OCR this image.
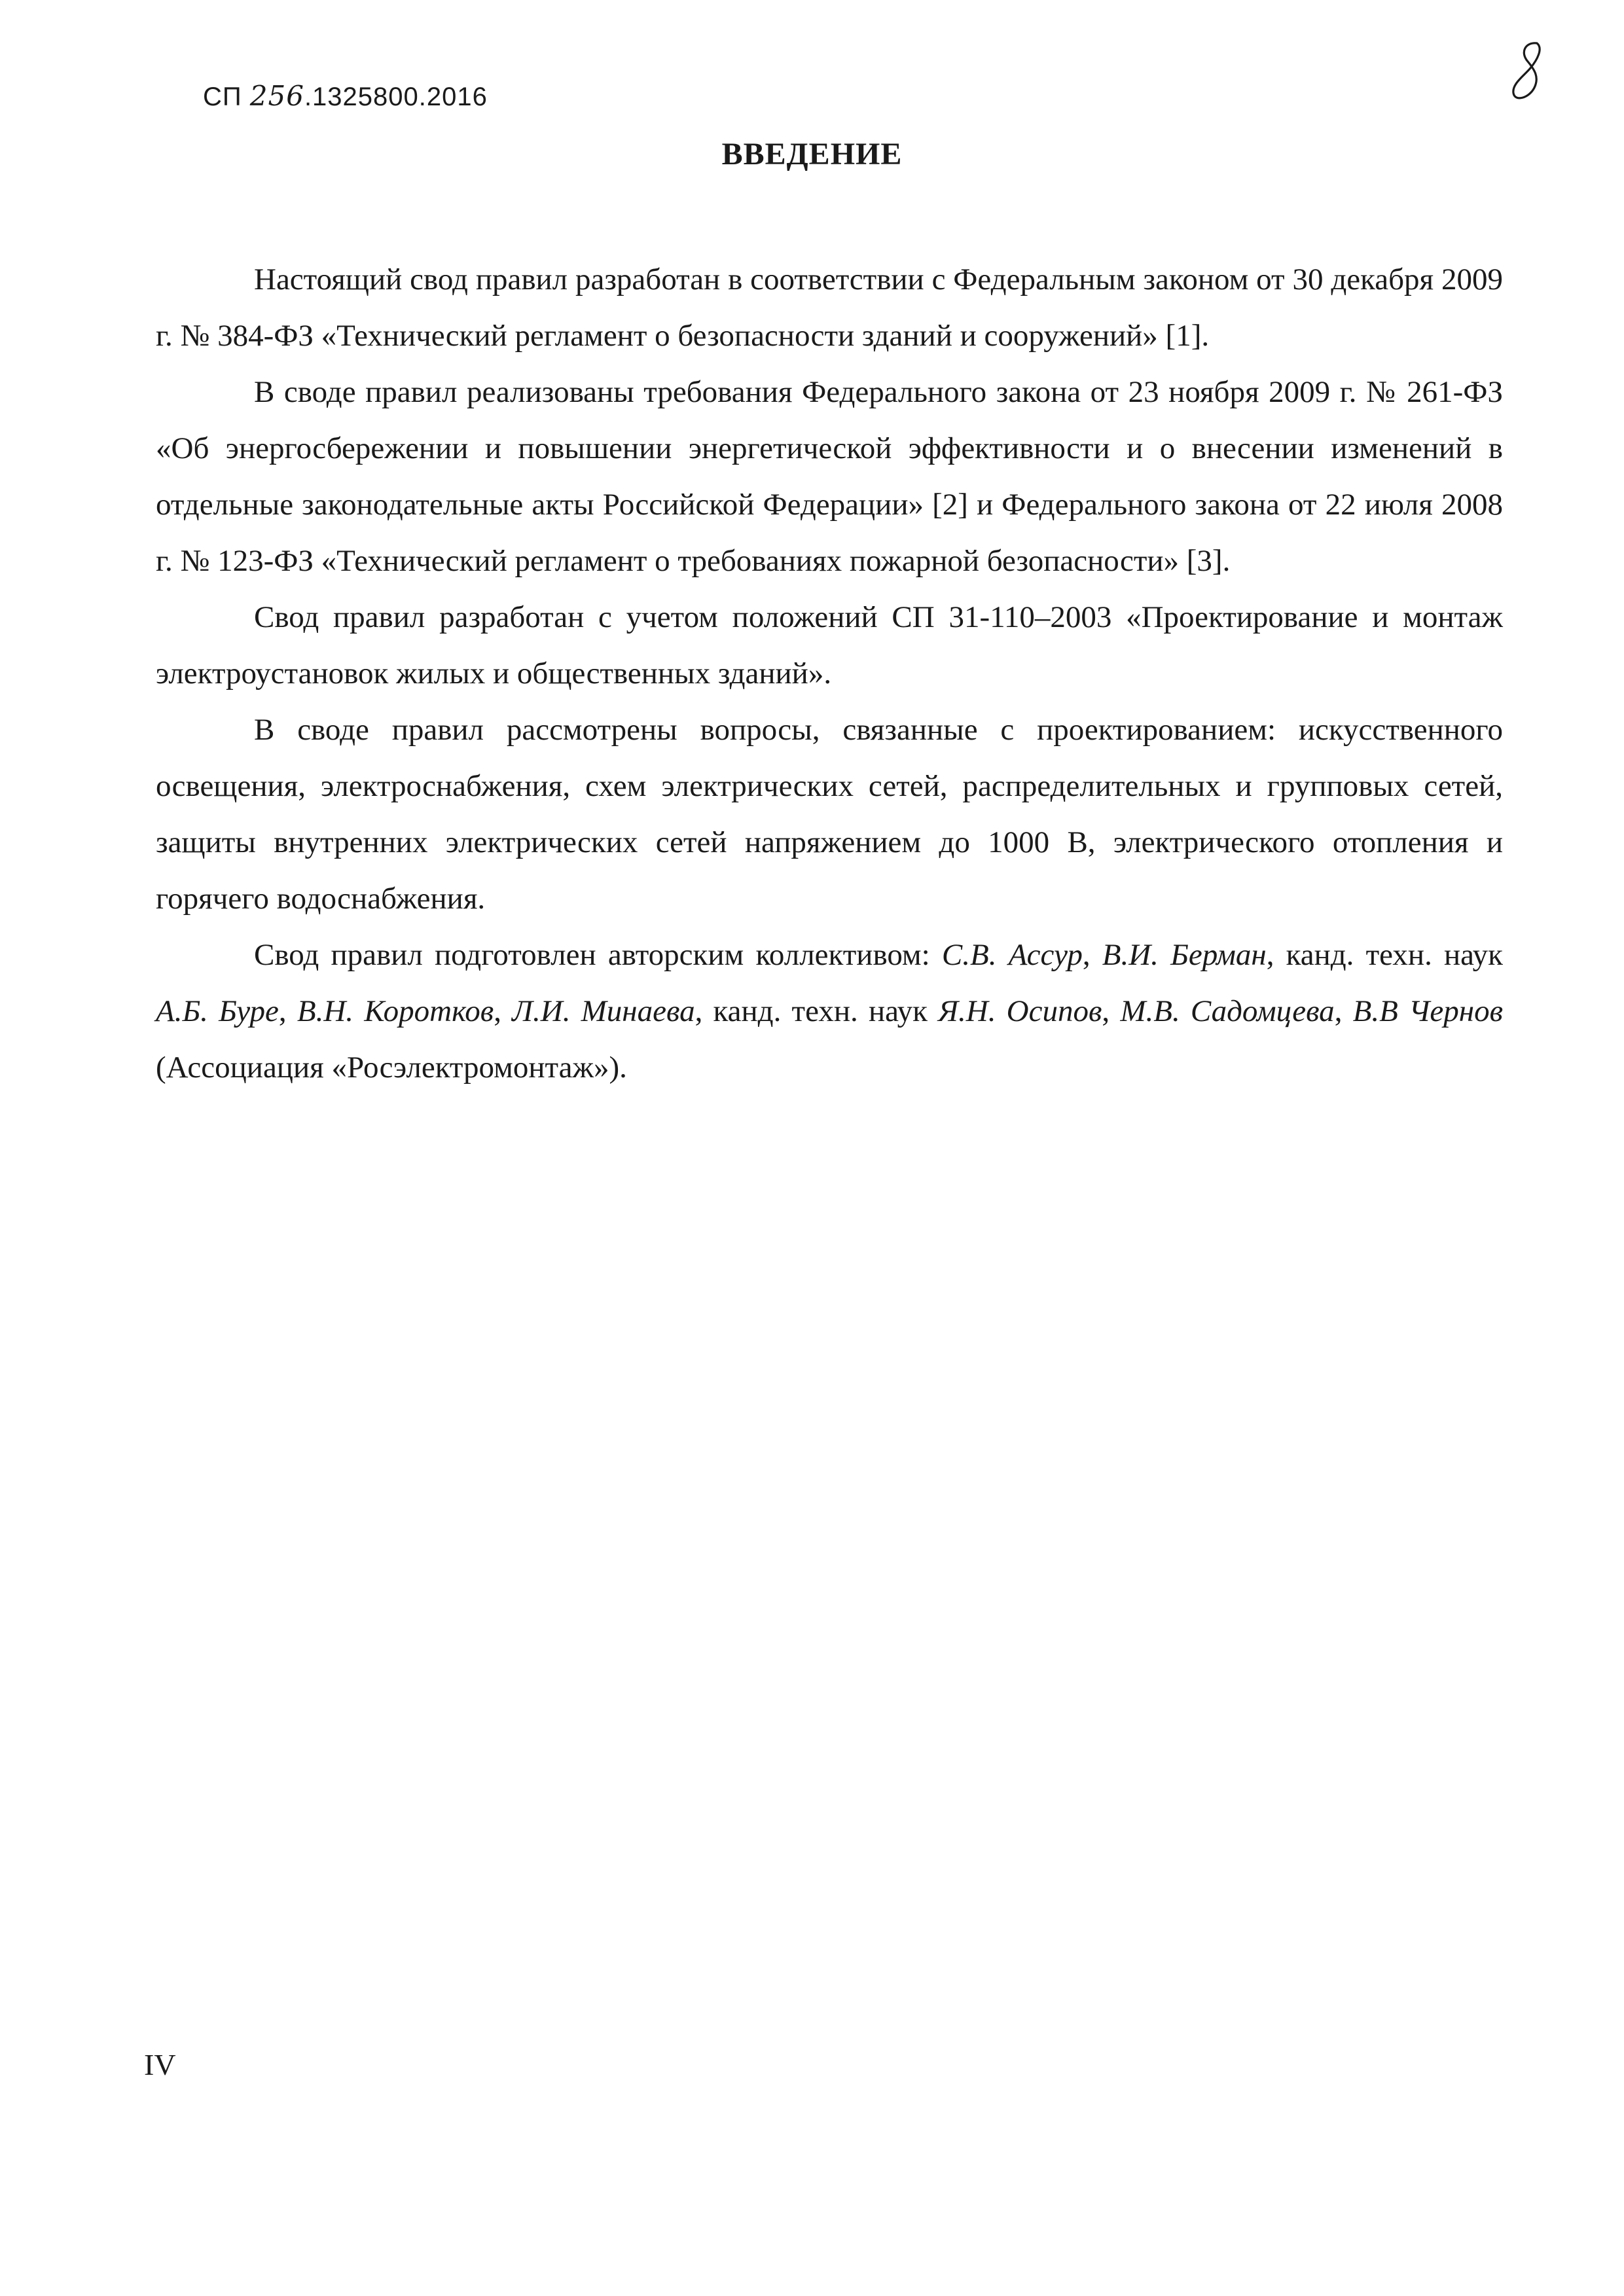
СП 256.1325800.2016
ВВЕДЕНИЕ

Настоящий свод правил разработан в соответствии с Федеральным законом от 30 декабря 2009 г. № 384-ФЗ «Технический регламент о безопасности зданий и сооружений» [1].

В своде правил реализованы требования Федерального закона от 23 ноября 2009 г. № 261-ФЗ «Об энергосбережении и повышении энергетической эффективности и о внесении изменений в отдельные законодательные акты Российской Федерации» [2] и Федерального закона от 22 июля 2008 г. № 123-ФЗ «Технический регламент о требованиях пожарной безопасности» [3].

Свод правил разработан с учетом положений СП 31-110–2003 «Проектирование и монтаж электроустановок жилых и общественных зданий».

В своде правил рассмотрены вопросы, связанные с проектированием: искусственного освещения, электроснабжения, схем электрических сетей, распределительных и групповых сетей, защиты внутренних электрических сетей напряжением до 1000 В, электрического отопления и горячего водоснабжения.

Свод правил подготовлен авторским коллективом: С.В. Ассур, В.И. Берман, канд. техн. наук А.Б. Буре, В.Н. Коротков, Л.И. Минаева, канд. техн. наук Я.Н. Осипов, М.В. Садомцева, В.В Чернов (Ассоциация «Росэлектромонтаж»).

IV
